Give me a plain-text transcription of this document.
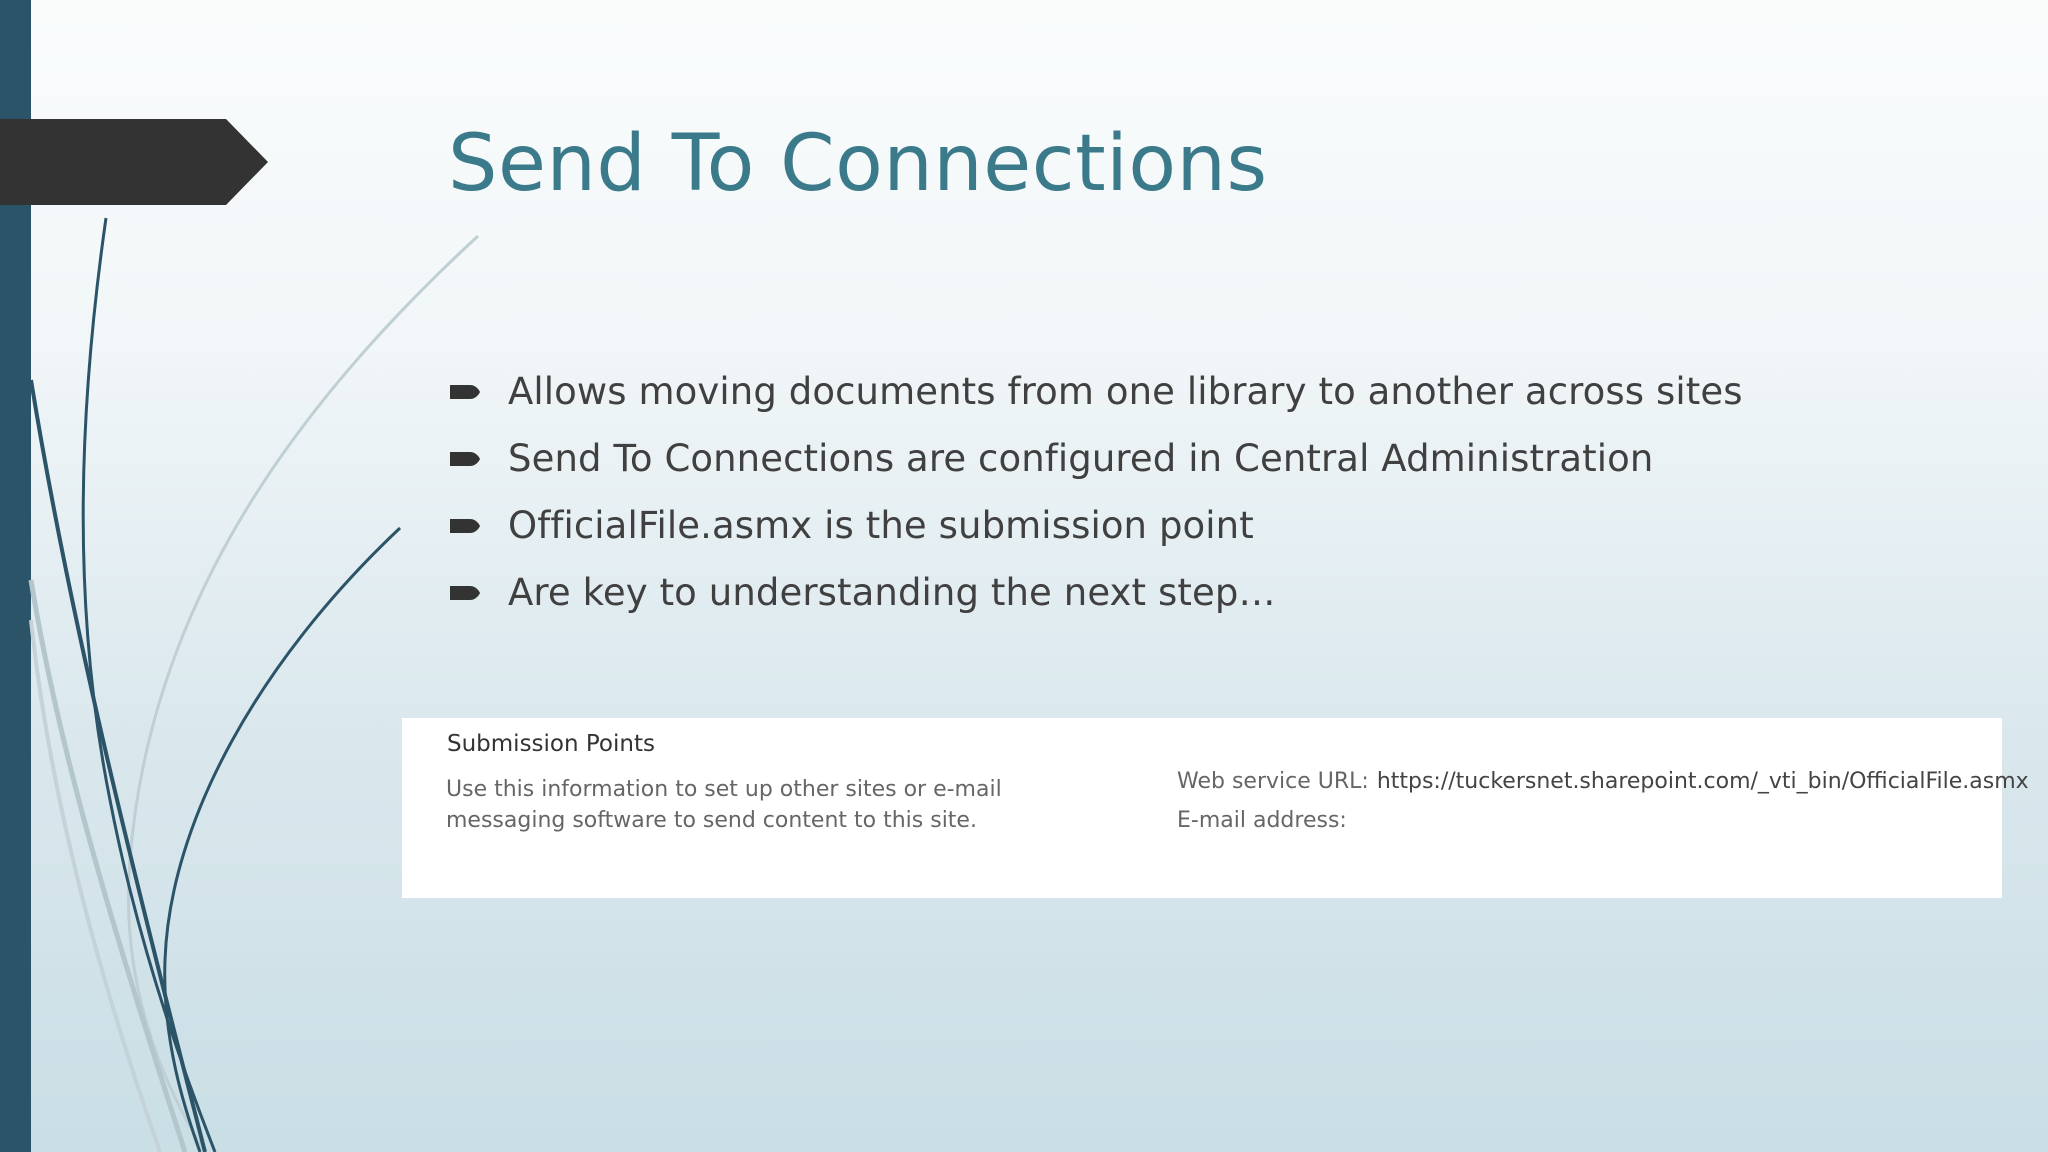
Send To Connections
Allows moving documents from one library to another across sites
Send To Connections are configured in Central Administration
OfficialFile.asmx is the submission point
Are key to understanding the next step…
Submission Points

Use this information to set up other sites or e-mail messaging software to send content to this site.

Web service URL: https://tuckersnet.sharepoint.com/_vti_bin/OfficialFile.asmx
E-mail address:
